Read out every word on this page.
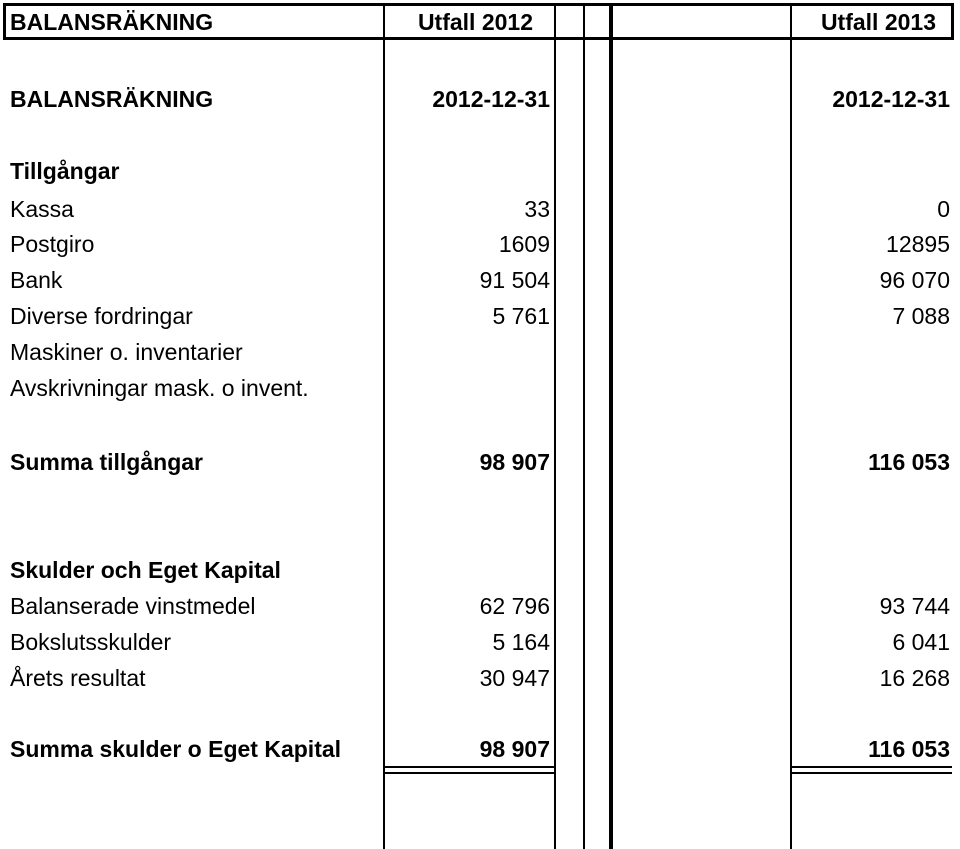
BALANSRÄKNING	Utfall 2012	Utfall 2013
BALANSRÄKNING	2012-12-31	2012-12-31
Tillgångar
Kassa	33	0
Postgiro	1609	12895
Bank	91 504	96 070
Diverse fordringar	5 761	7 088
Maskiner o. inventarier
Avskrivningar mask. o invent.
Summa tillgångar	98 907	116 053
Skulder och Eget Kapital
Balanserade vinstmedel	62 796	93 744
Bokslutsskulder	5 164	6 041
Årets resultat	30 947	16 268
Summa skulder o Eget Kapital	98 907	116 053
